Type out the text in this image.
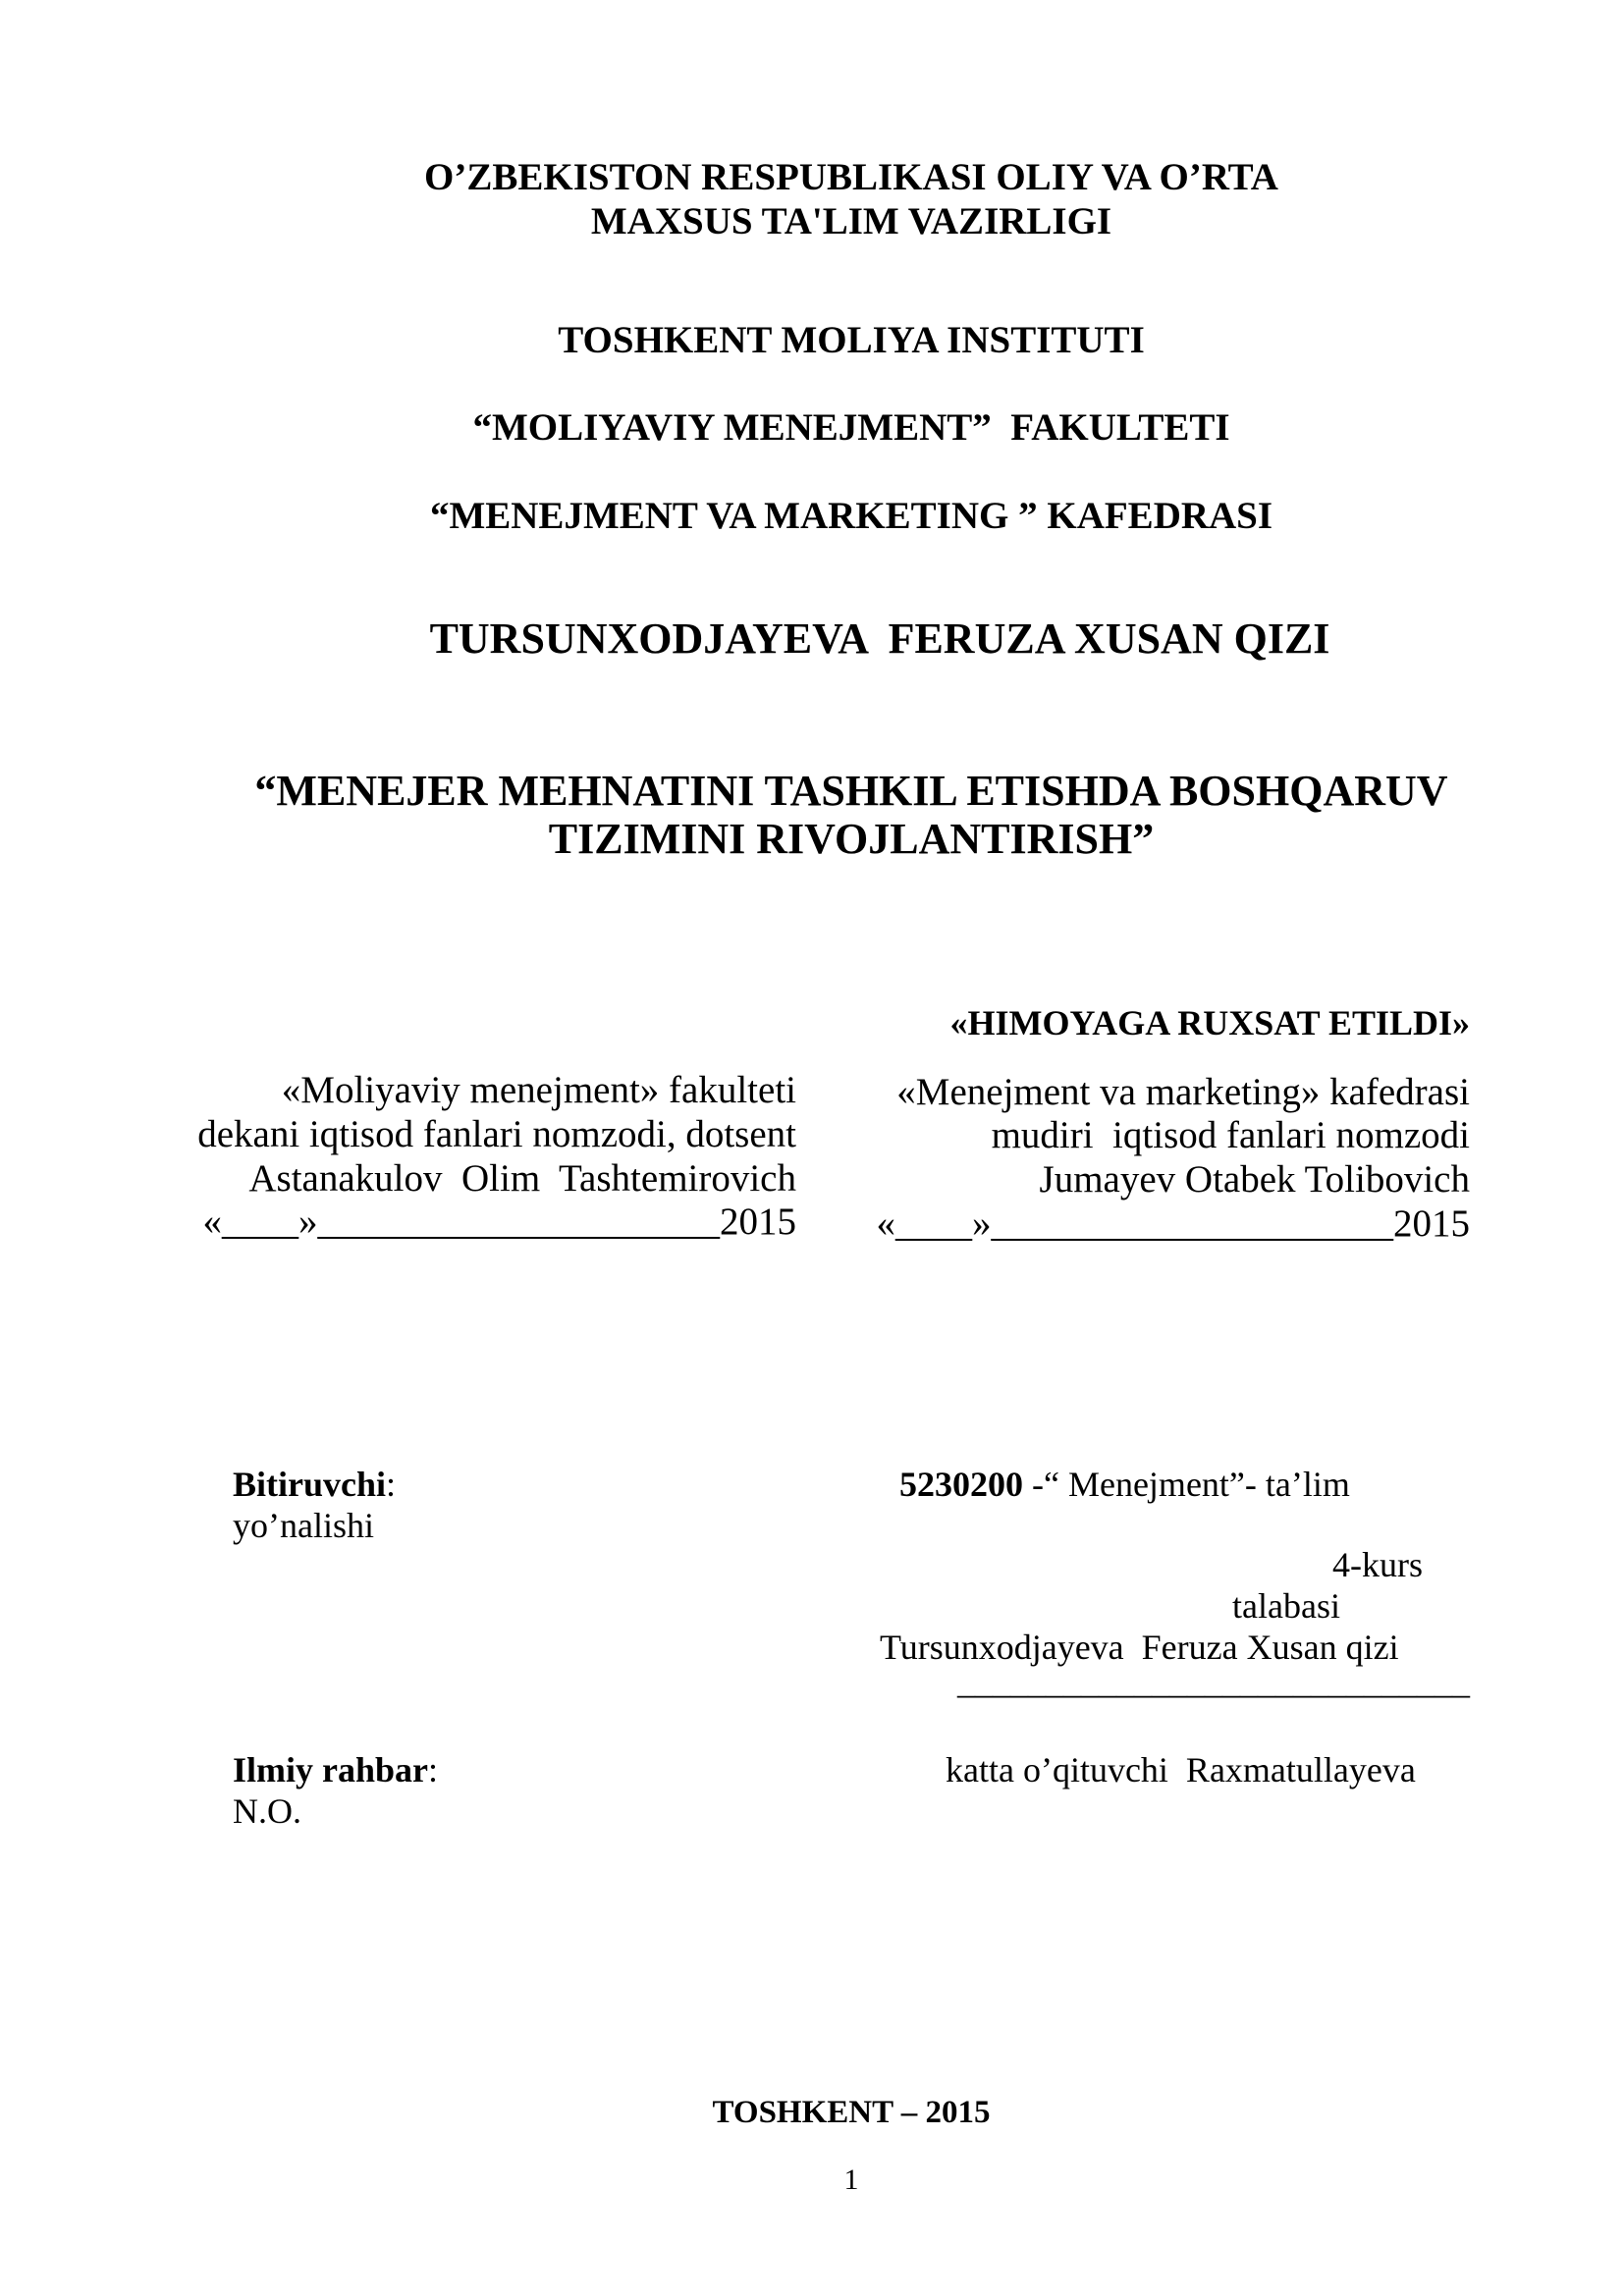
O’ZBEKISTON RESPUBLIKASI OLIY VA O’RTA
MAXSUS TA'LIM VAZIRLIGI
TOSHKENT MOLIYA INSTITUTI
“MOLIYAVIY MENEJMENT”  FAKULTETI
“MENEJMENT VA MARKETING ” KAFEDRASI
TURSUNXODJAYEVA  FERUZA XUSAN QIZI
“MENEJER MEHNATINI TASHKIL ETISHDA BOSHQARUV
TIZIMINI RIVOJLANTIRISH”
«HIMOYAGA RUXSAT ETILDI»
«Moliyaviy menejment» fakulteti
dekani iqtisod fanlari nomzodi, dotsent
Astanakulov  Olim  Tashtemirovich
«____»_____________________2015
«Menejment va marketing» kafedrasi
mudiri  iqtisod fanlari nomzodi
Jumayev Otabek Tolibovich
«____»_____________________2015
Bitiruvchi:	5230200 -“ Menejment”- ta’lim
yo’nalishi
4-kurs
talabasi
Tursunxodjayeva  Feruza Xusan qizi
_____________________________
Ilmiy rahbar:	katta o’qituvchi  Raxmatullayeva
N.O.
TOSHKENT – 2015
1
